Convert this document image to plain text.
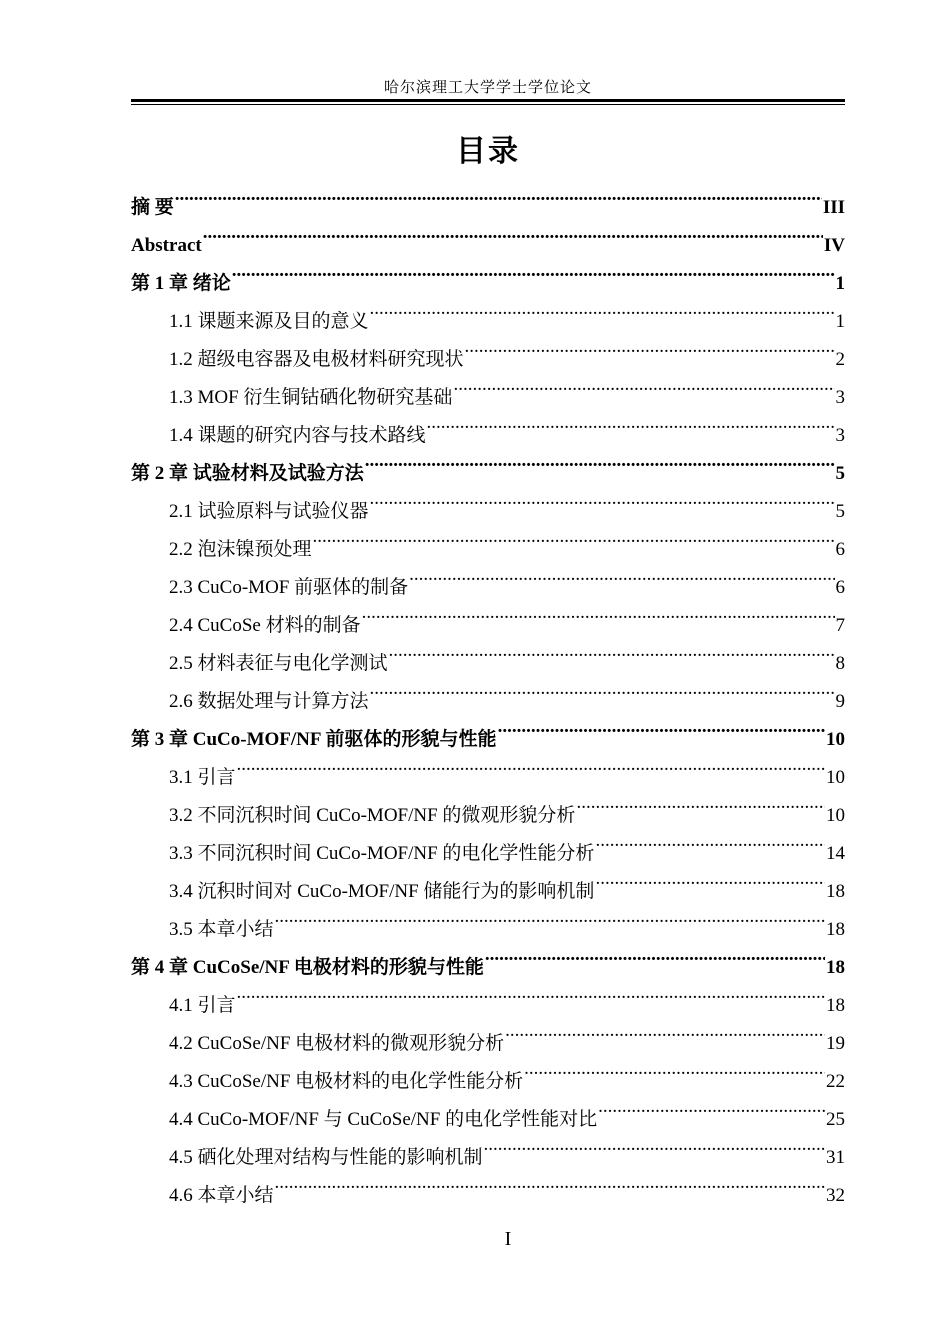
哈尔滨理工大学学士学位论文
目录
摘 要 .....	III
Abstract .....	IV
第 1 章 绪论 .....	1
1.1 课题来源及目的意义 .....	1
1.2 超级电容器及电极材料研究现状 .....	2
1.3 MOF 衍生铜钴硒化物研究基础 .....	3
1.4 课题的研究内容与技术路线 .....	3
第 2 章 试验材料及试验方法 .....	5
2.1 试验原料与试验仪器 .....	5
2.2 泡沫镍预处理 .....	6
2.3 CuCo-MOF 前驱体的制备 .....	6
2.4 CuCoSe 材料的制备 .....	7
2.5 材料表征与电化学测试 .....	8
2.6 数据处理与计算方法 .....	9
第 3 章 CuCo-MOF/NF 前驱体的形貌与性能 .....	10
3.1 引言 .....	10
3.2 不同沉积时间 CuCo-MOF/NF 的微观形貌分析 .....	10
3.3 不同沉积时间 CuCo-MOF/NF 的电化学性能分析 .....	14
3.4 沉积时间对 CuCo-MOF/NF 储能行为的影响机制 .....	18
3.5 本章小结 .....	18
第 4 章 CuCoSe/NF 电极材料的形貌与性能 .....	18
4.1 引言 .....	18
4.2 CuCoSe/NF 电极材料的微观形貌分析 .....	19
4.3 CuCoSe/NF 电极材料的电化学性能分析 .....	22
4.4 CuCo-MOF/NF 与 CuCoSe/NF 的电化学性能对比 .....	25
4.5 硒化处理对结构与性能的影响机制 .....	31
4.6 本章小结 .....	32
I
